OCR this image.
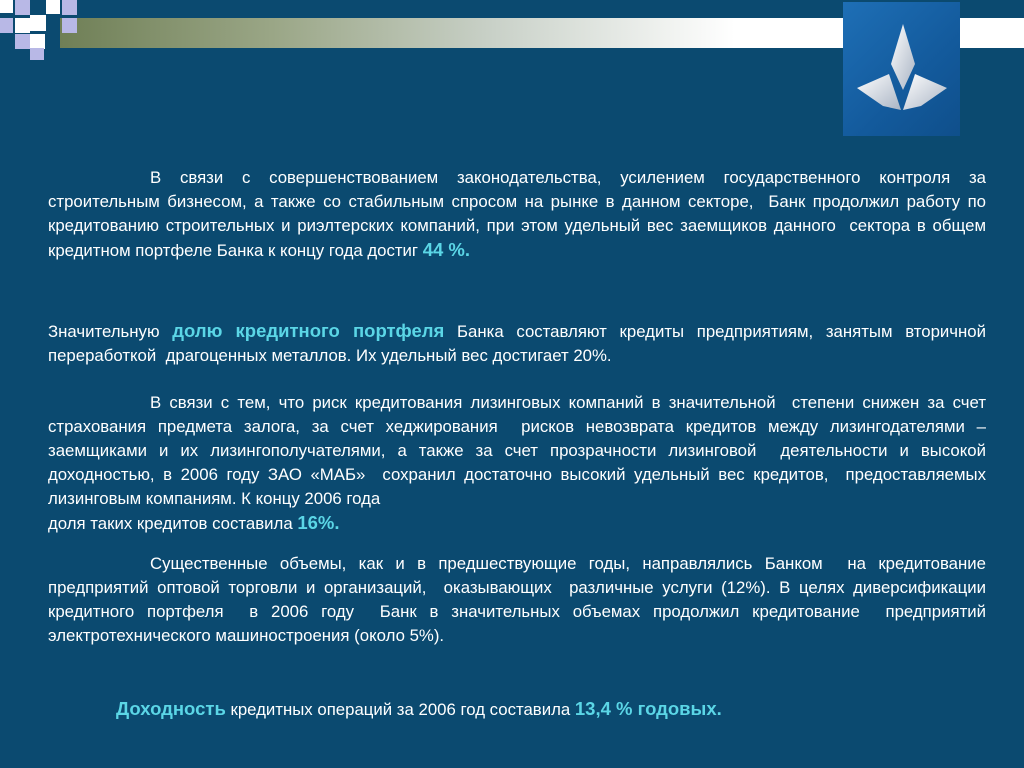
В связи с совершенствованием законодательства, усилением государственного контроля за строительным бизнесом, а также со стабильным спросом на рынке в данном секторе,  Банк продолжил работу по кредитованию строительных и риэлтерских компаний, при этом удельный вес заемщиков данного  сектора в общем кредитном портфеле Банка к концу года достиг 44 %.
Значительную долю кредитного портфеля Банка составляют кредиты предприятиям, занятым вторичной переработкой  драгоценных металлов. Их удельный вес достигает 20%.
В связи с тем, что риск кредитования лизинговых компаний в значительной  степени снижен за счет страхования предмета залога, за счет хеджирования  рисков невозврата кредитов между лизингодателями – заемщиками и их лизингополучателями, а также за счет прозрачности лизинговой  деятельности и высокой доходностью, в 2006 году ЗАО «МАБ»  сохранил достаточно высокий удельный вес кредитов,  предоставляемых лизинговым компаниям. К концу 2006 года
доля таких кредитов составила 16%.
Существенные объемы, как и в предшествующие годы, направлялись Банком  на кредитование предприятий оптовой торговли и организаций,  оказывающих  различные услуги (12%). В целях диверсификации кредитного портфеля  в 2006 году  Банк в значительных объемах продолжил кредитование  предприятий  электротехнического машиностроения (около 5%).
Доходность кредитных операций за 2006 год составила 13,4 % годовых.
